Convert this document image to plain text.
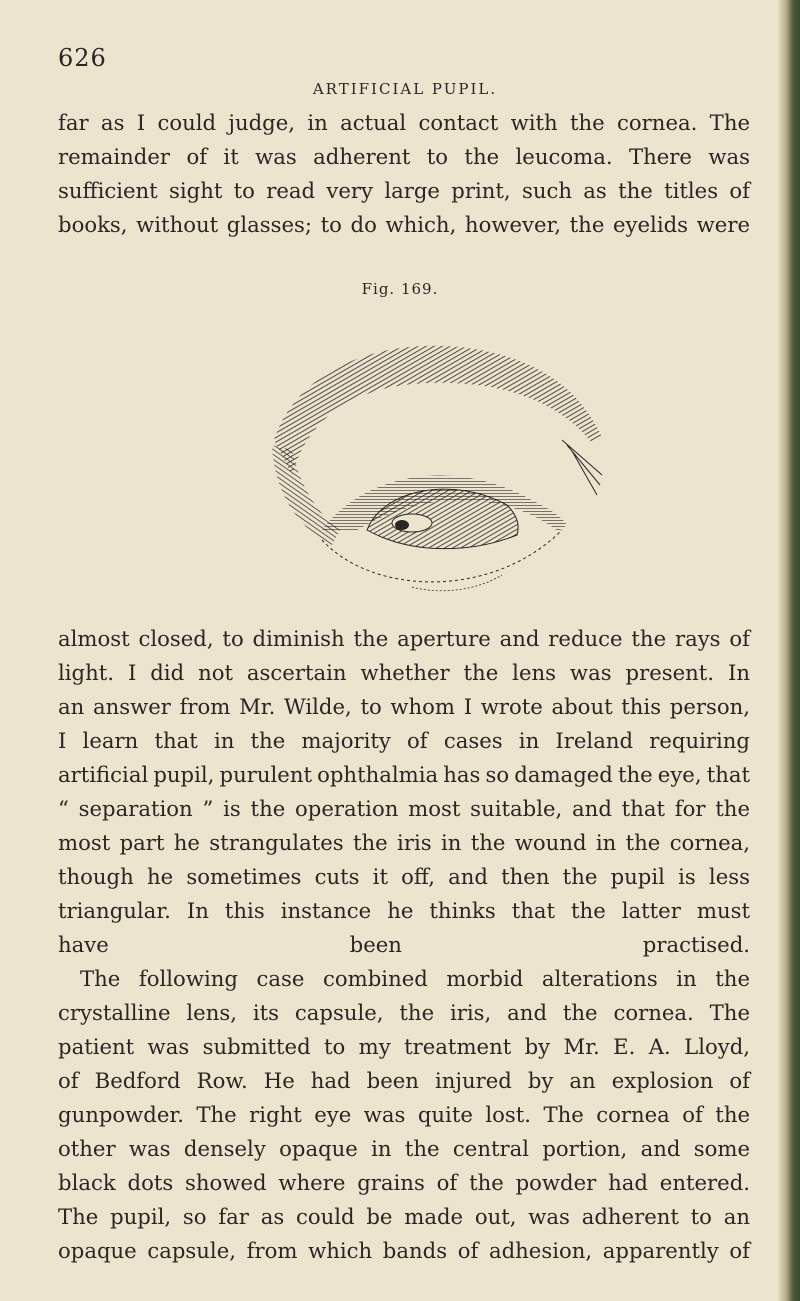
626
ARTIFICIAL PUPIL.
far as I could judge, in actual contact with the cornea. The
remainder of it was adherent to the leucoma. There was
sufficient sight to read very large print, such as the titles of
books, without glasses; to do which, however, the eyelids were
Fig. 169.
almost closed, to diminish the aperture and reduce the rays of
light. I did not ascertain whether the lens was present. In
an answer from Mr. Wilde, to whom I wrote about this person,
I learn that in the majority of cases in Ireland requiring
artificial pupil, purulent ophthalmia has so damaged the eye, that
“ separation ” is the operation most suitable, and that for the
most part he strangulates the iris in the wound in the cornea,
though he sometimes cuts it off, and then the pupil is less
triangular. In this instance he thinks that the latter must
have been practised.
The following case combined morbid alterations in the
crystalline lens, its capsule, the iris, and the cornea. The
patient was submitted to my treatment by Mr. E. A. Lloyd,
of Bedford Row. He had been injured by an explosion of
gunpowder. The right eye was quite lost. The cornea of the
other was densely opaque in the central portion, and some
black dots showed where grains of the powder had entered.
The pupil, so far as could be made out, was adherent to an
opaque capsule, from which bands of adhesion, apparently of
